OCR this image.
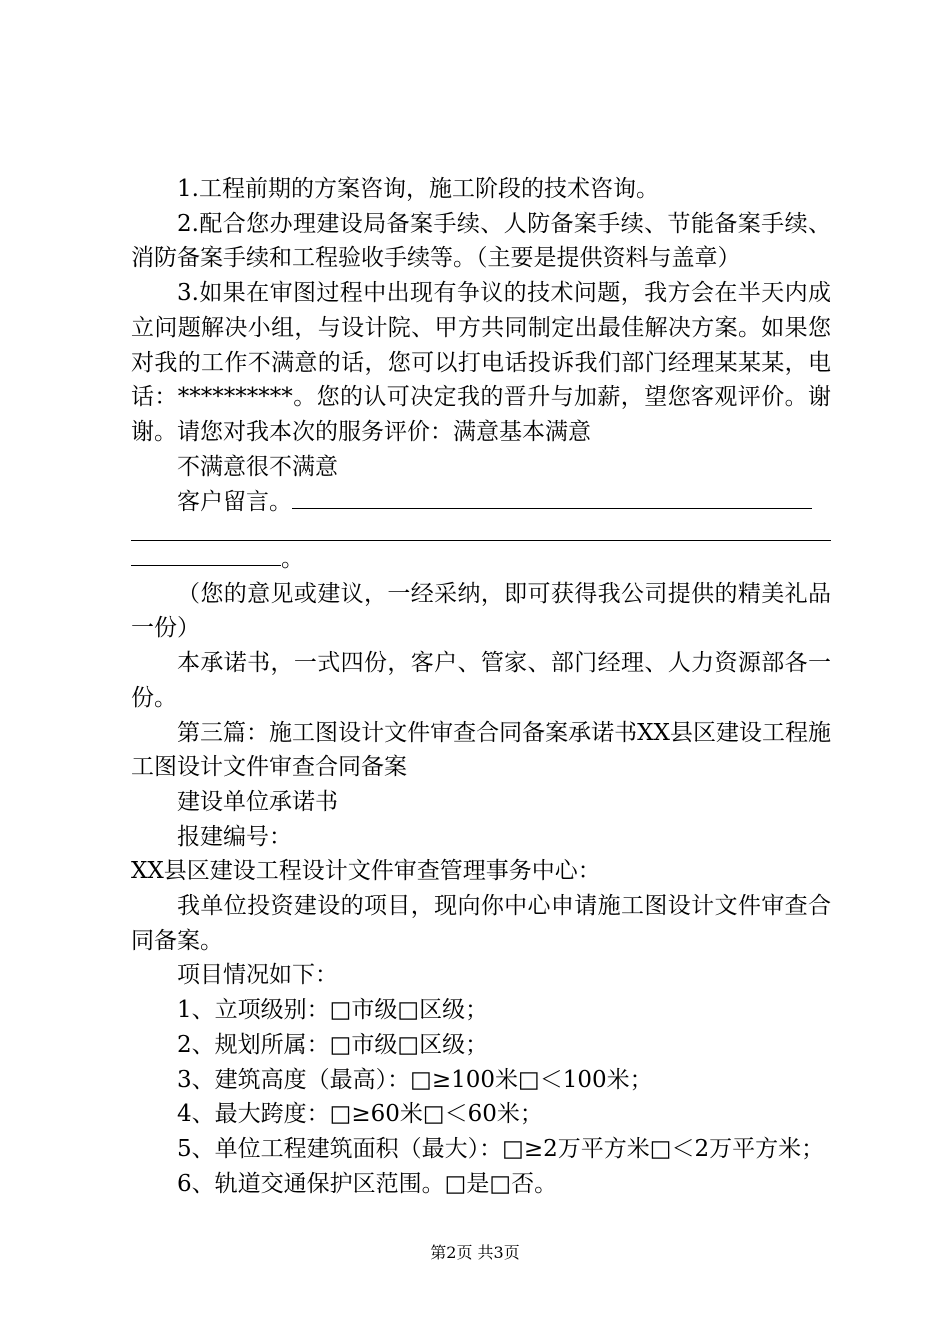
1.工程前期的方案咨询，施工阶段的技术咨询。

2.配合您办理建设局备案手续、人防备案手续、节能备案手续、消防备案手续和工程验收手续等。（主要是提供资料与盖章）

3.如果在审图过程中出现有争议的技术问题，我方会在半天内成立问题解决小组，与设计院、甲方共同制定出最佳解决方案。如果您对我的工作不满意的话，您可以打电话投诉我们部门经理某某某，电话：**********。您的认可决定我的晋升与加薪，望您客观评价。谢谢。请您对我本次的服务评价：满意基本满意

不满意很不满意

客户留言。

。

（您的意见或建议，一经采纳，即可获得我公司提供的精美礼品一份）

本承诺书，一式四份，客户、管家、部门经理、人力资源部各一份。

第三篇：施工图设计文件审查合同备案承诺书XX县区建设工程施工图设计文件审查合同备案

建设单位承诺书

报建编号：

XX县区建设工程设计文件审查管理事务中心：

我单位投资建设的项目，现向你中心申请施工图设计文件审查合同备案。

项目情况如下：

1、立项级别：□市级□区级；

2、规划所属：□市级□区级；

3、建筑高度（最高）：□≥100米□＜100米；

4、最大跨度：□≥60米□＜60米；

5、单位工程建筑面积（最大）：□≥2万平方米□＜2万平方米；

6、轨道交通保护区范围。□是□否。

第2页 共3页
